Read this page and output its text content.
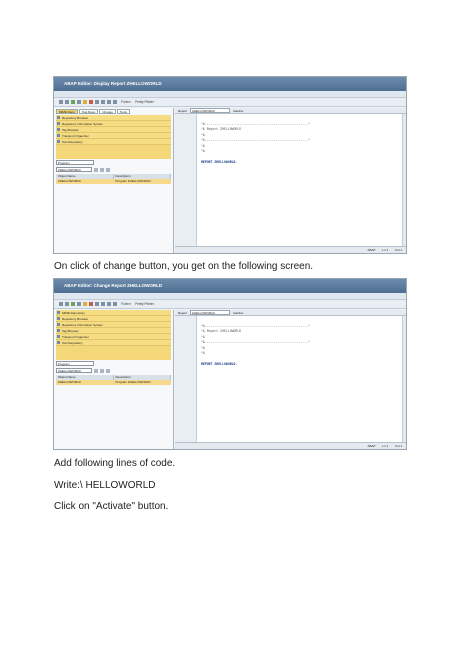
ABAP Editor: Display Report ZHELLOWORLD
Pattern Pretty Printer
MIME Repo	Test Repo	Change	Tools
Repository Browser
Repository Information System
Tag Browser
Transport Organizer
Test Repository
Program
ZHELLOWORLD
Object Name	Description
ZHELLOWORLD	Program ZHELLOWORLD
Report	ZHELLOWORLD	Inactive
*&------------------------------------------------------*
*& Report ZHELLOWORLD
*&
*&------------------------------------------------------*
*&
*&
REPORT ZHELLOWORLD.
ABAP Ln 1 Col 1
On click of change button, you get on the following screen.
ABAP Editor: Change Report ZHELLOWORLD
Pattern Pretty Printer
MIME Repository
Repository Browser
Repository Information System
Tag Browser
Transport Organizer
Test Repository
Program
ZHELLOWORLD
Object Name	Description
ZHELLOWORLD	Program ZHELLOWORLD
Report	ZHELLOWORLD	Inactive
*&------------------------------------------------------*
*& Report ZHELLOWORLD
*&
*&------------------------------------------------------*
*&
*&
REPORT ZHELLOWORLD.
ABAP Ln 1 Col 1
Add following lines of code.
Write:\ HELLOWORLD
Click on "Activate" button.
